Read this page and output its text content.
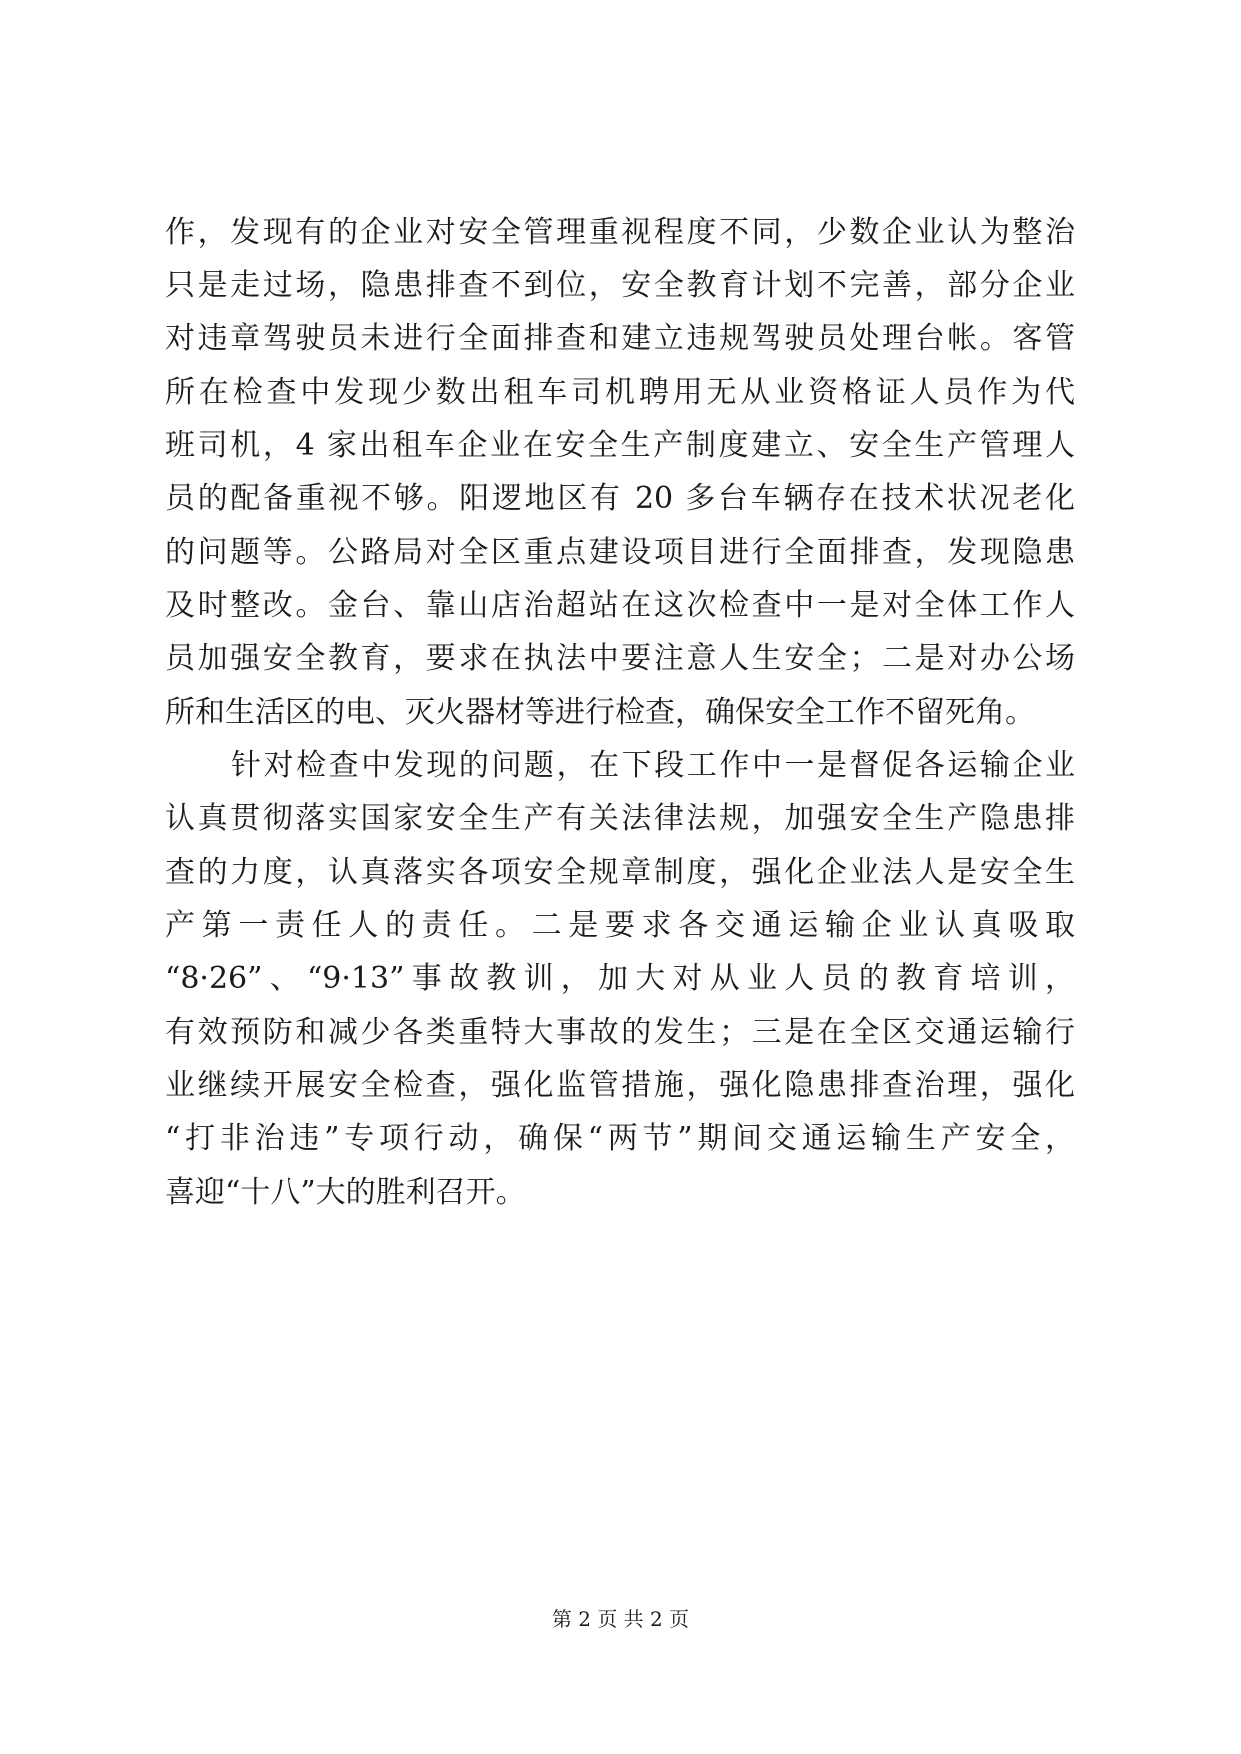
作，发现有的企业对安全管理重视程度不同，少数企业认为整治
只是走过场，隐患排查不到位，安全教育计划不完善，部分企业
对违章驾驶员未进行全面排查和建立违规驾驶员处理台帐。客管
所在检查中发现少数出租车司机聘用无从业资格证人员作为代
班司机，4 家出租车企业在安全生产制度建立、安全生产管理人
员的配备重视不够。阳逻地区有 20 多台车辆存在技术状况老化
的问题等。公路局对全区重点建设项目进行全面排查，发现隐患
及时整改。金台、靠山店治超站在这次检查中一是对全体工作人
员加强安全教育，要求在执法中要注意人生安全；二是对办公场
所和生活区的电、灭火器材等进行检查，确保安全工作不留死角。
针对检查中发现的问题，在下段工作中一是督促各运输企业
认真贯彻落实国家安全生产有关法律法规，加强安全生产隐患排
查的力度，认真落实各项安全规章制度，强化企业法人是安全生
产第一责任人的责任。二是要求各交通运输企业认真吸取
“8·26”、“9·13”事故教训，加大对从业人员的教育培训，
有效预防和减少各类重特大事故的发生；三是在全区交通运输行
业继续开展安全检查，强化监管措施，强化隐患排查治理，强化
“打非治违”专项行动，确保“两节”期间交通运输生产安全，
喜迎“十八”大的胜利召开。
第 2 页 共 2 页
